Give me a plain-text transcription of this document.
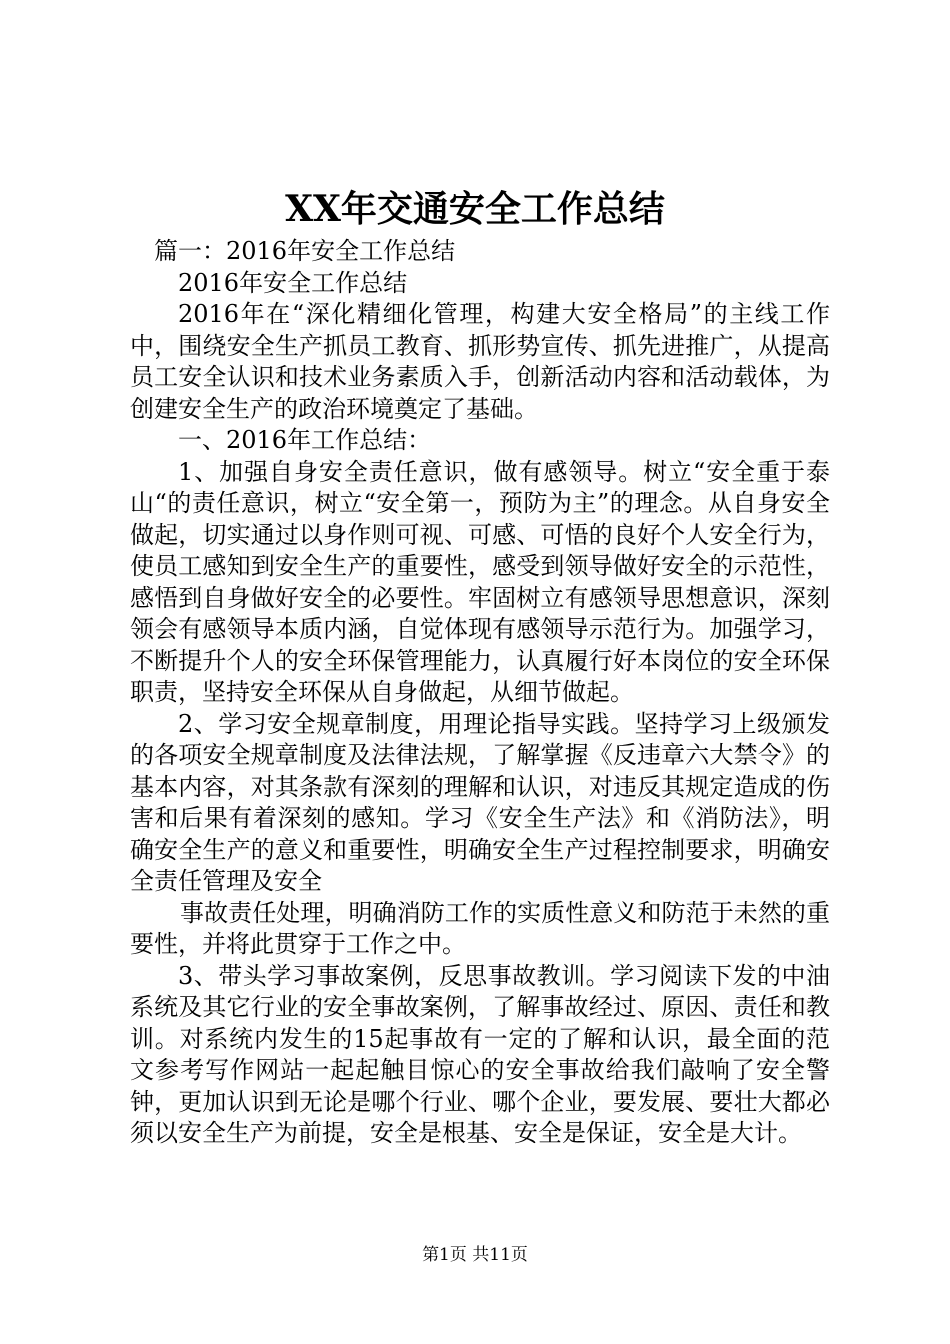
XX年交通安全工作总结

篇一：2016年安全工作总结

2016年安全工作总结

2016年在“深化精细化管理，构建大安全格局”的主线工作中，围绕安全生产抓员工教育、抓形势宣传、抓先进推广，从提高员工安全认识和技术业务素质入手，创新活动内容和活动载体，为创建安全生产的政治环境奠定了基础。

一、2016年工作总结：

1、加强自身安全责任意识，做有感领导。树立“安全重于泰山“的责任意识，树立“安全第一，预防为主”的理念。从自身安全做起，切实通过以身作则可视、可感、可悟的良好个人安全行为，使员工感知到安全生产的重要性，感受到领导做好安全的示范性，感悟到自身做好安全的必要性。牢固树立有感领导思想意识，深刻领会有感领导本质内涵，自觉体现有感领导示范行为。加强学习，不断提升个人的安全环保管理能力，认真履行好本岗位的安全环保职责，坚持安全环保从自身做起，从细节做起。

2、学习安全规章制度，用理论指导实践。坚持学习上级颁发的各项安全规章制度及法律法规，了解掌握《反违章六大禁令》的基本内容，对其条款有深刻的理解和认识，对违反其规定造成的伤害和后果有着深刻的感知。学习《安全生产法》和《消防法》，明确安全生产的意义和重要性，明确安全生产过程控制要求，明确安全责任管理及安全

事故责任处理，明确消防工作的实质性意义和防范于未然的重要性，并将此贯穿于工作之中。

3、带头学习事故案例，反思事故教训。学习阅读下发的中油系统及其它行业的安全事故案例，了解事故经过、原因、责任和教训。对系统内发生的15起事故有一定的了解和认识，最全面的范文参考写作网站一起起触目惊心的安全事故给我们敲响了安全警钟，更加认识到无论是哪个行业、哪个企业，要发展、要壮大都必须以安全生产为前提，安全是根基、安全是保证，安全是大计。

第1页 共11页
